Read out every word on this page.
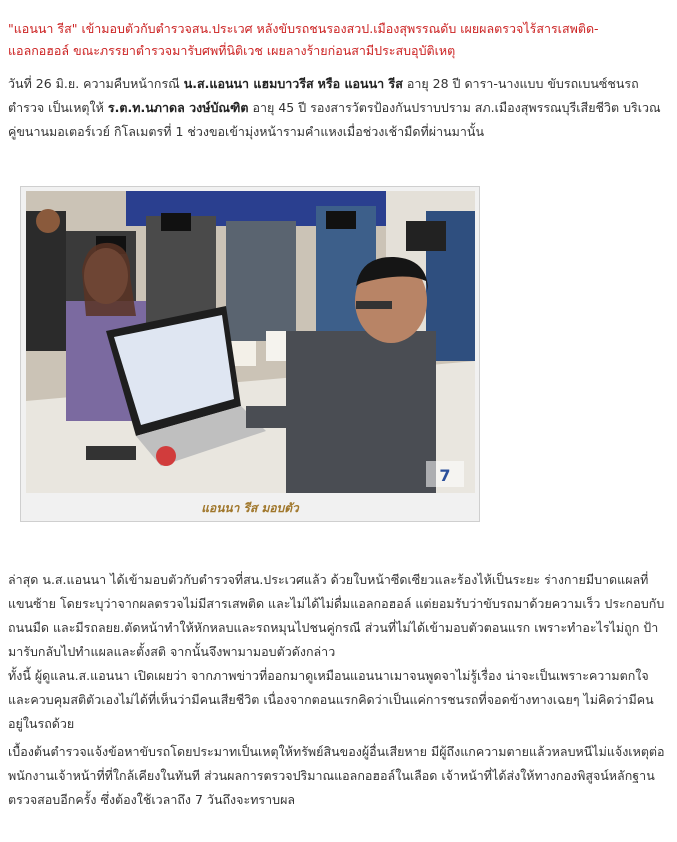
"แอนนา รีส" เข้ามอบตัวกับตำรวจสน.ประเวศ หลังขับรถชนรองสวป.เมืองสุพรรณดับ เผยผลตรวจไร้สารเสพติด-แอลกอฮอล์ ขณะภรรยาตำรวจมารับศพที่นิติเวช เผยลางร้ายก่อนสามีประสบอุบัติเหตุ

วันที่ 26 มิ.ย. ความคืบหน้ากรณี น.ส.แอนนา แฮมบาวรีส หรือ แอนนา รีส อายุ 28 ปี ดารา-นางแบบ ขับรถเบนซ์ชนรถตำรวจ เป็นเหตุให้ ร.ต.ท.นภาดล วงษ์บัณฑิต อายุ 45 ปี รองสารวัตรป้องกันปราบปราม สภ.เมืองสุพรรณบุรีเสียชีวิต บริเวณคู่ขนานมอเตอร์เวย์ กิโลเมตรที่ 1 ช่วงขอเข้ามุ่งหน้ารามคำแหงเมื่อช่วงเช้ามืดที่ผ่านมานั้น

7
แอนนา รีส มอบตัว

ล่าสุด น.ส.แอนนา ได้เข้ามอบตัวกับตำรวจที่สน.ประเวศแล้ว ด้วยใบหน้าซีดเซียวและร้องไห้เป็นระยะ ร่างกายมีบาดแผลที่แขนซ้าย โดยระบุว่าจากผลตรวจไม่มีสารเสพติด และไม่ได้ไม่ดื่มแอลกอฮอล์ แต่ยอมรับว่าขับรถมาด้วยความเร็ว ประกอบกับถนนมืด และมีรถลยย.ตัดหน้าทำให้หักหลบและรถหมุนไปชนคู่กรณี ส่วนที่ไม่ได้เข้ามอบตัวตอนแรก เพราะทำอะไรไม่ถูก ป้ามารับกลับไปทำแผลและตั้งสติ จากนั้นจึงพามามอบตัวดังกล่าว

ทั้งนี้ ผู้ดูแลน.ส.แอนนา เปิดเผยว่า จากภาพข่าวที่ออกมาดูเหมือนแอนนาเมาจนพูดจาไม่รู้เรื่อง น่าจะเป็นเพราะความตกใจ และควบคุมสติตัวเองไม่ได้ที่เห็นว่ามีคนเสียชีวิต เนื่องจากตอนแรกคิดว่าเป็นแค่การชนรถที่จอดข้างทางเฉยๆ ไม่คิดว่ามีคนอยู่ในรถด้วย

เบื้องต้นตำรวจแจ้งข้อหาขับรถโดยประมาทเป็นเหตุให้ทรัพย์สินของผู้อื่นเสียหาย มีผู้ถึงแกความตายแล้วหลบหนีไม่แจ้งเหตุต่อพนักงานเจ้าหน้าที่ที่ใกล้เคียงในทันที ส่วนผลการตรวจปริมาณแอลกอฮอล์ในเลือด เจ้าหน้าที่ได้ส่งให้ทางกองพิสูจน์หลักฐานตรวจสอบอีกครั้ง ซึ่งต้องใช้เวลาถึง 7 วันถึงจะทราบผล
